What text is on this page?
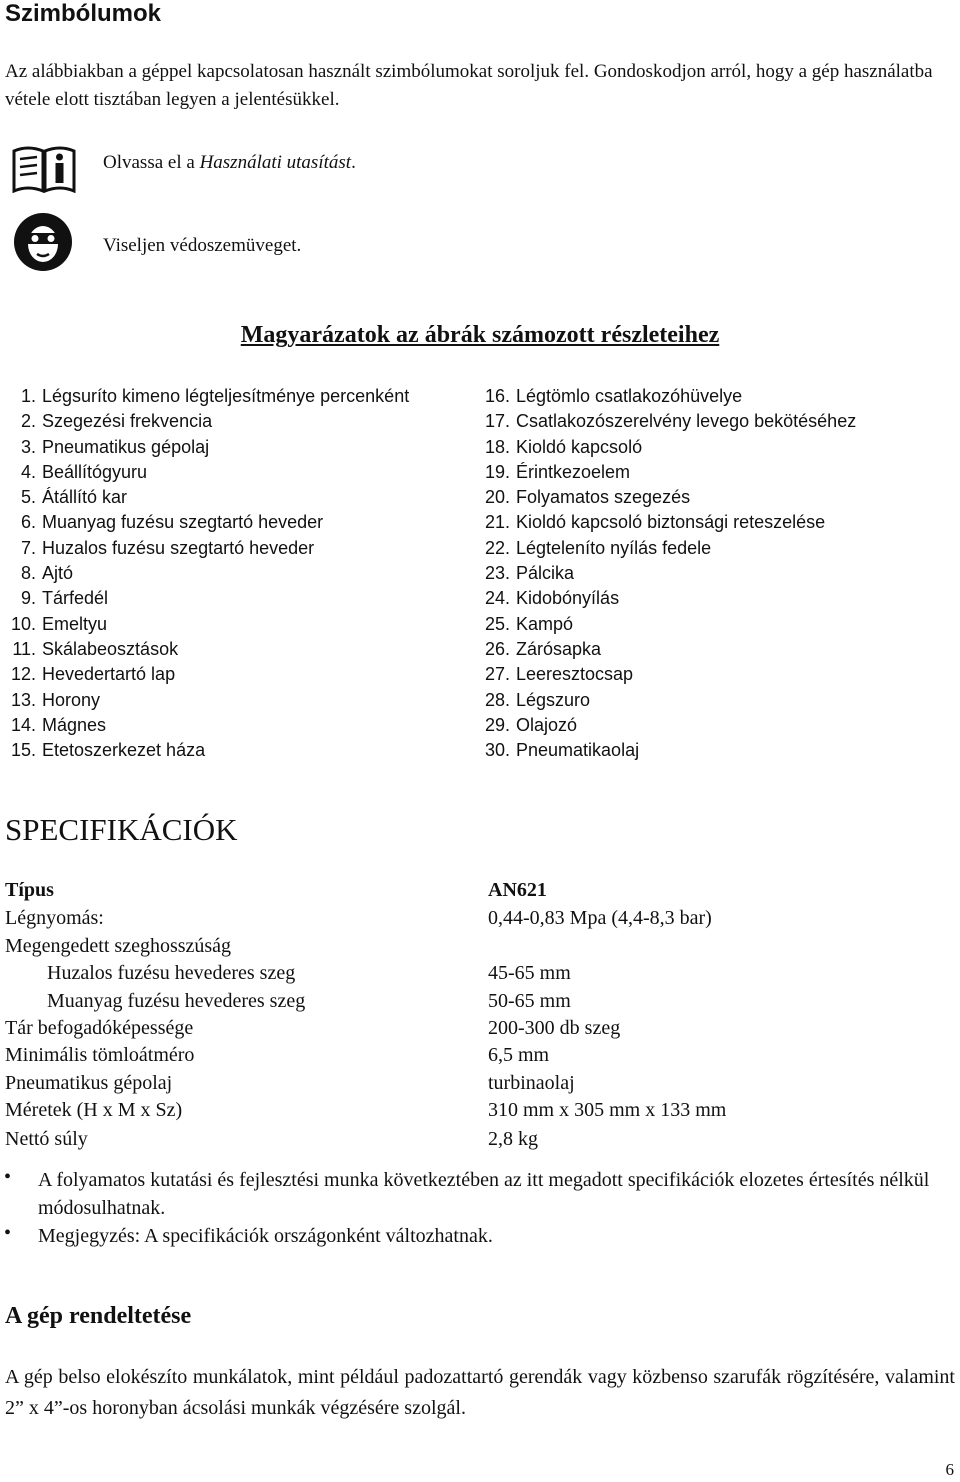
Szimbólumok
Az alábbiakban a géppel kapcsolatosan használt szimbólumokat soroljuk fel. Gondoskodjon arról, hogy a gép használatba vétele elott tisztában legyen a jelentésükkel.
Olvassa el a Használati utasítást.
Viseljen védoszemüveget.
Magyarázatok az ábrák számozott részleteihez
1. Légsuríto kimeno légteljesítménye percenként
2. Szegezési frekvencia
3. Pneumatikus gépolaj
4. Beállítógyuru
5. Átállító kar
6. Muanyag fuzésu szegtartó heveder
7. Huzalos fuzésu szegtartó heveder
8. Ajtó
9. Tárfedél
10. Emeltyu
11. Skálabeosztások
12. Hevedertartó lap
13. Horony
14. Mágnes
15. Etetoszerkezet háza
16. Légtömlo csatlakozóhüvelye
17. Csatlakozószerelvény levego bekötéséhez
18. Kioldó kapcsoló
19. Érintkezoelem
20. Folyamatos szegezés
21. Kioldó kapcsoló biztonsági reteszelése
22. Légteleníto nyílás fedele
23. Pálcika
24. Kidobónyílás
25. Kampó
26. Zárósapka
27. Leeresztocsap
28. Légszuro
29. Olajozó
30. Pneumatikaolaj
SPECIFIKÁCIÓK
Típus	AN621
Légnyomás:	0,44-0,83 Mpa (4,4-8,3 bar)
Megengedett szeghosszúság
Huzalos fuzésu hevederes szeg	45-65 mm
Muanyag fuzésu hevederes szeg	50-65 mm
Tár befogadóképessége	200-300 db szeg
Minimális tömloátméro	6,5 mm
Pneumatikus gépolaj	turbinaolaj
Méretek (H x M x Sz)	310 mm x 305 mm x 133 mm
Nettó súly	2,8 kg
• A folyamatos kutatási és fejlesztési munka következtében az itt megadott specifikációk elozetes értesítés nélkül módosulhatnak.
• Megjegyzés: A specifikációk országonként változhatnak.
A gép rendeltetése
A gép belso elokészíto munkálatok, mint például padozattartó gerendák vagy közbenso szarufák rögzítésére, valamint 2” x 4”-os horonyban ácsolási munkák végzésére szolgál.
6
